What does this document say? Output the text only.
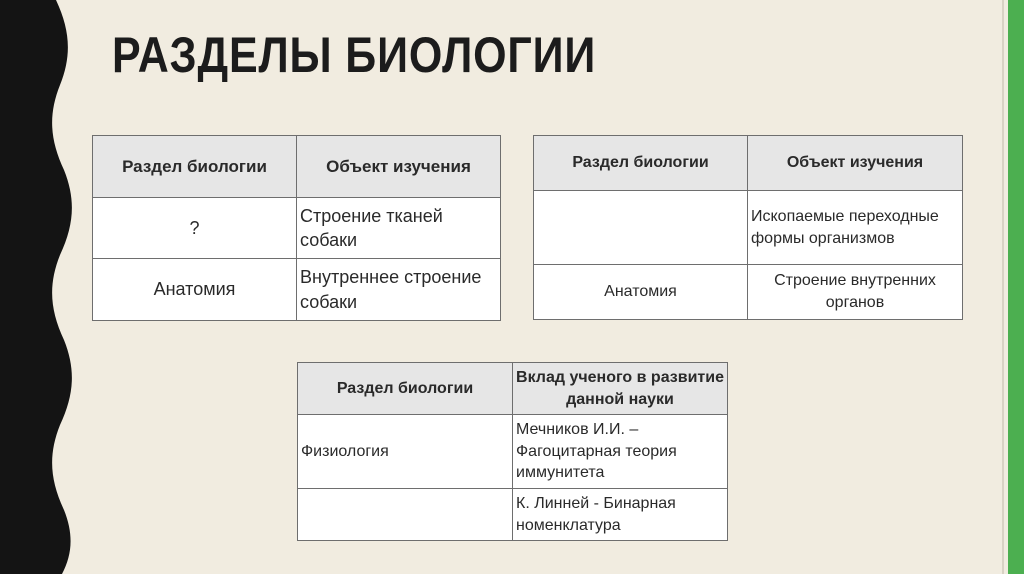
РАЗДЕЛЫ БИОЛОГИИ
Раздел биологии	Объект изучения
?	Строение тканей собаки
Анатомия	Внутреннее строение собаки
Раздел биологии	Объект изучения
	Ископаемые переходные формы организмов
Анатомия	Строение внутренних органов
Раздел биологии	Вклад ученого в развитие данной науки
Физиология	Мечников И.И. – Фагоцитарная теория иммунитета
	К. Линней - Бинарная номенклатура
